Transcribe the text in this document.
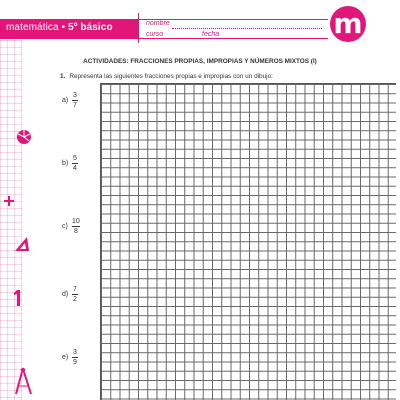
matemática • 5º básico	nombre
curso	fecha	m
ACTIVIDADES: FRACCIONES PROPIAS, IMPROPIAS Y NÚMEROS MIXTOS (I)
1. Representa las siguientes fracciones propias e impropias con un dibujo:
$a) \frac{3}{7}$
$b) \frac{5}{4}$
$c) \frac{10}{8}$
$d) \frac{7}{2}$
$e) \frac{3}{9}$
